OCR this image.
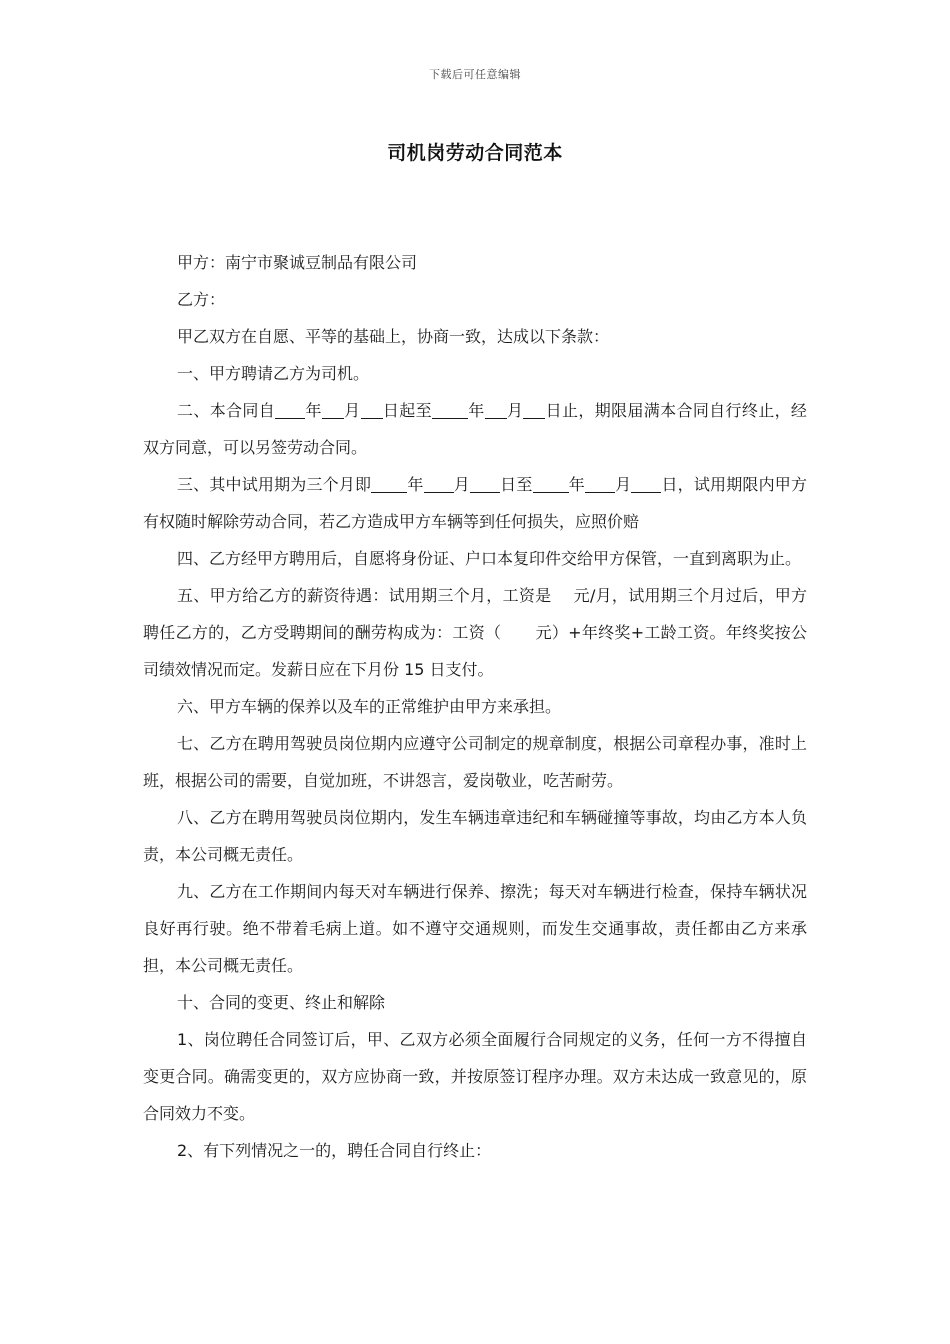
下载后可任意编辑
司机岗劳动合同范本

甲方：南宁市聚诚豆制品有限公司

乙方：

甲乙双方在自愿、平等的基础上，协商一致，达成以下条款：

一、甲方聘请乙方为司机。

二、本合同自 年 月 日起至 年 月 日止，期限届满本合同自行终止，经双方同意，可以另签劳动合同。

三、其中试用期为三个月即 年 月 日至 年 月 日，试用期限内甲方有权随时解除劳动合同，若乙方造成甲方车辆等到任何损失，应照价赔

四、乙方经甲方聘用后，自愿将身份证、户口本复印件交给甲方保管，一直到离职为止。

五、甲方给乙方的薪资待遇：试用期三个月，工资是 元/月，试用期三个月过后，甲方聘任乙方的，乙方受聘期间的酬劳构成为：工资（ 元）+年终奖+工龄工资。年终奖按公司绩效情况而定。发薪日应在下月份 15 日支付。

六、甲方车辆的保养以及车的正常维护由甲方来承担。

七、乙方在聘用驾驶员岗位期内应遵守公司制定的规章制度，根据公司章程办事，准时上班，根据公司的需要，自觉加班，不讲怨言，爱岗敬业，吃苦耐劳。

八、乙方在聘用驾驶员岗位期内，发生车辆违章违纪和车辆碰撞等事故，均由乙方本人负责，本公司概无责任。

九、乙方在工作期间内每天对车辆进行保养、擦洗；每天对车辆进行检查，保持车辆状况良好再行驶。绝不带着毛病上道。如不遵守交通规则，而发生交通事故，责任都由乙方来承担，本公司概无责任。

十、合同的变更、终止和解除

1、岗位聘任合同签订后，甲、乙双方必须全面履行合同规定的义务，任何一方不得擅自变更合同。确需变更的，双方应协商一致，并按原签订程序办理。双方未达成一致意见的，原合同效力不变。

2、有下列情况之一的，聘任合同自行终止：
